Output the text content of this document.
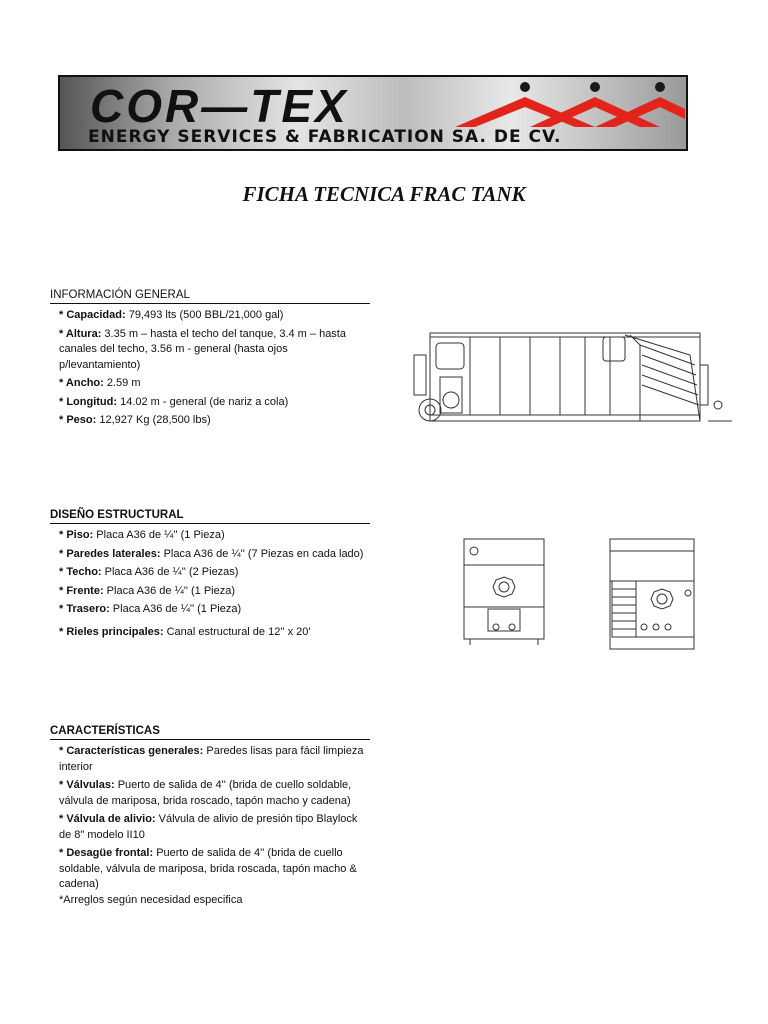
COR—TEX
ENERGY SERVICES & FABRICATION SA. DE CV.
FICHA TECNICA FRAC TANK
INFORMACIÓN GENERAL
* Capacidad: 79,493 lts (500 BBL/21,000 gal)
* Altura: 3.35 m – hasta el techo del tanque, 3.4 m – hasta canales del techo, 3.56 m - general (hasta ojos p/levantamiento)
* Ancho: 2.59 m
* Longitud: 14.02 m - general (de nariz a cola)
* Peso: 12,927 Kg (28,500 lbs)
DISEÑO ESTRUCTURAL
* Piso: Placa A36 de ¼'' (1 Pieza)
* Paredes laterales: Placa A36 de ¼'' (7 Piezas en cada lado)
* Techo: Placa A36 de ¼'' (2 Piezas)
* Frente: Placa A36 de ¼'' (1 Pieza)
* Trasero: Placa A36 de ¼'' (1 Pieza)
* Rieles principales: Canal estructural de 12'' x 20'
CARACTERÍSTICAS
* Características generales: Paredes lisas para fácil limpieza interior
* Válvulas: Puerto de salida de 4'' (brida de cuello soldable, válvula de mariposa, brida roscado, tapón macho y cadena)
* Válvula de alivio: Válvula de alivio de presión tipo Blaylock de 8" modelo II10
* Desagüe frontal: Puerto de salida de 4'' (brida de cuello soldable, válvula de mariposa, brida roscada, tapón macho & cadena)
*Arreglos según necesidad especifica
